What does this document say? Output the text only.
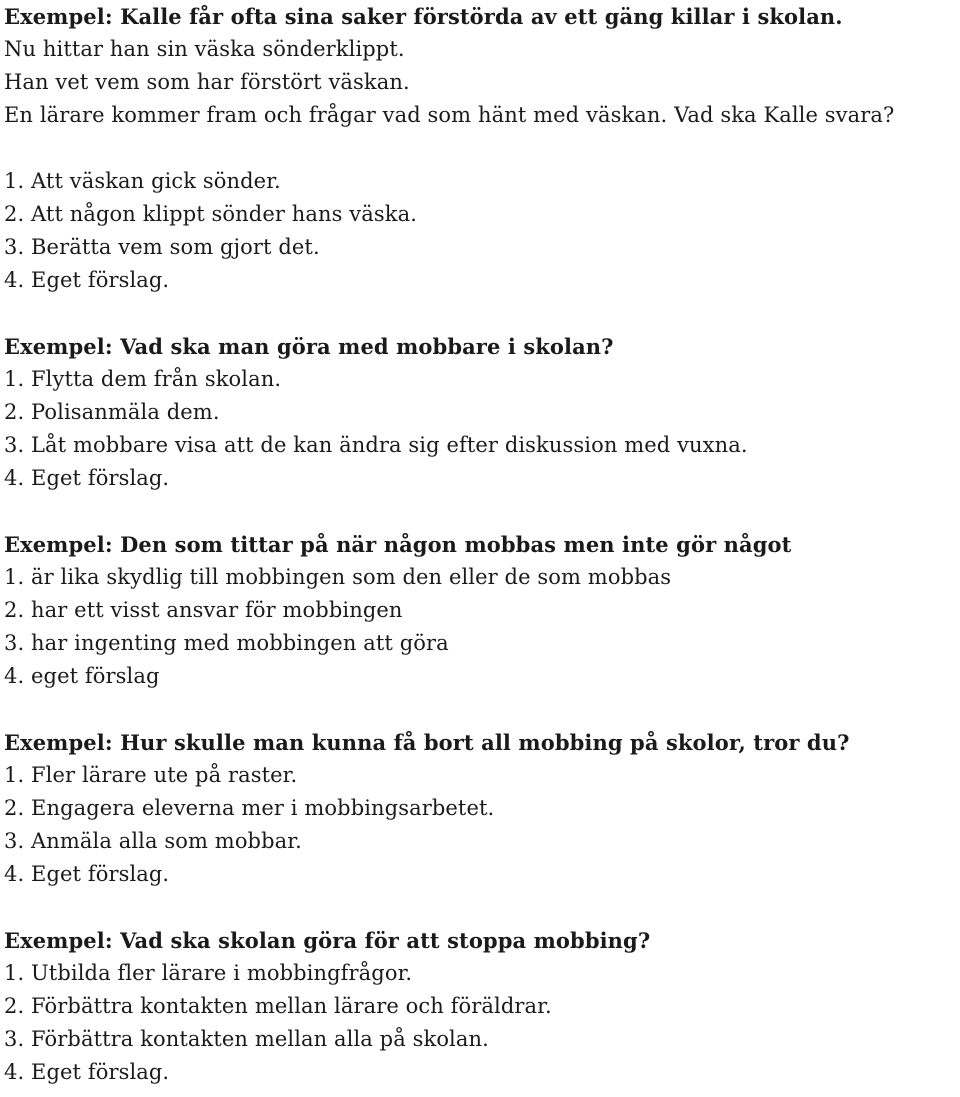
Exempel: Kalle får ofta sina saker förstörda av ett gäng killar i skolan.
Nu hittar han sin väska sönderklippt.
Han vet vem som har förstört väskan.
En lärare kommer fram och frågar vad som hänt med väskan. Vad ska Kalle svara?
1. Att väskan gick sönder.
2. Att någon klippt sönder hans väska.
3. Berätta vem som gjort det.
4. Eget förslag.
Exempel: Vad ska man göra med mobbare i skolan?
1. Flytta dem från skolan.
2. Polisanmäla dem.
3. Låt mobbare visa att de kan ändra sig efter diskussion med vuxna.
4. Eget förslag.
Exempel: Den som tittar på när någon mobbas men inte gör något
1. är lika skydlig till mobbingen som den eller de som mobbas
2. har ett visst ansvar för mobbingen
3. har ingenting med mobbingen att göra
4. eget förslag
Exempel: Hur skulle man kunna få bort all mobbing på skolor, tror du?
1. Fler lärare ute på raster.
2. Engagera eleverna mer i mobbingsarbetet.
3. Anmäla alla som mobbar.
4. Eget förslag.
Exempel: Vad ska skolan göra för att stoppa mobbing?
1. Utbilda fler lärare i mobbingfrågor.
2. Förbättra kontakten mellan lärare och föräldrar.
3. Förbättra kontakten mellan alla på skolan.
4. Eget förslag.
